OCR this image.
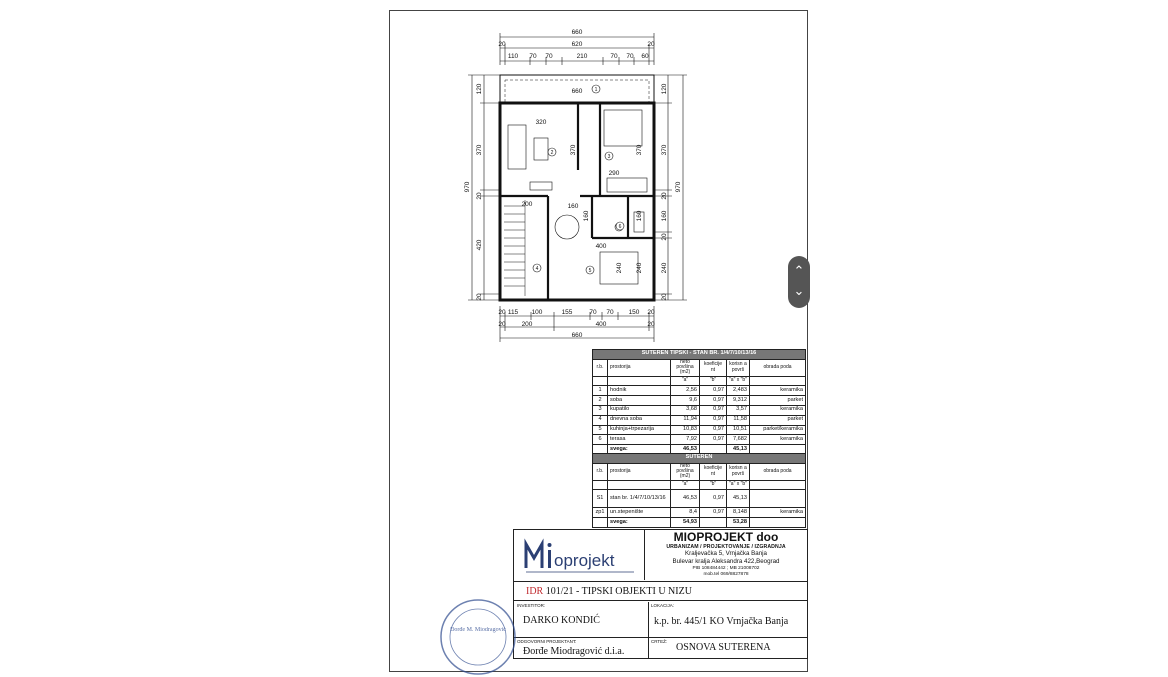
660
620
20	20
110 70 70	210	70 70 60
120
370
20
420
20
970
120
370
20
160
20
240
20
970
1
2
3
4	5
6
660
320
370	370
290
200	160
160
400
240
160
240
20 115 100	155	70 70 150 20
20 200	400	20
660
SUTEREN TIPSKI - STAN BR. 1/4/7/10/13/16					
r.b.	prostorija	neto povšina (m2)	koeficije nt	korisn a površ	obrada poda
		"a"	"b"	"a" x "b"	
1	hodnik	2,56	0,97	2,483	keramika
2	soba	9,6	0,97	9,312	parket
3	kupatilo	3,68	0,97	3,57	keramika
4	dnevna soba	11,94	0,97	11,58	parket
5	kuhinja+trpezarija	10,83	0,97	10,51	parket/keramika
6	terasa	7,92	0,97	7,682	keramika
	svega:	46,53		45,13	
SUTEREN					
r.b.	prostorija	neto povšina (m2)	koeficije nt	korisn a površ	obrada poda
		"a"	"b"	"a" x "b"	
S1	stan br. 1/4/7/10/13/16	46,53	0,97	45,13	
zp1	un.stepenište	8,4	0,97	8,148	keramika
	svega:	54,93		53,28	
oprojekt
MIOPROJEKT doo
URBANIZAM / PROJEKTOVANJE / IZGRADNJA
Kraljevačka 5, Vrnjačka Banja
Bulevar kralja Aleksandra 422,Beograd
PIB 108484442 ; MB 21008702
mob.tel 069/8827878
IDR 101/21 - TIPSKI OBJEKTI U NIZU
INVESTITOR:
DARKO KONDIĆ
LOKACIJA:
k.p. br. 445/1 KO Vrnjačka Banja
ODGOVORNI PROJEKTANT:
Đorđe Miodragović d.i.a.
CRTEŽ:
OSNOVA SUTERENA
Đorđe M. Miodragović
⌃
⌄
